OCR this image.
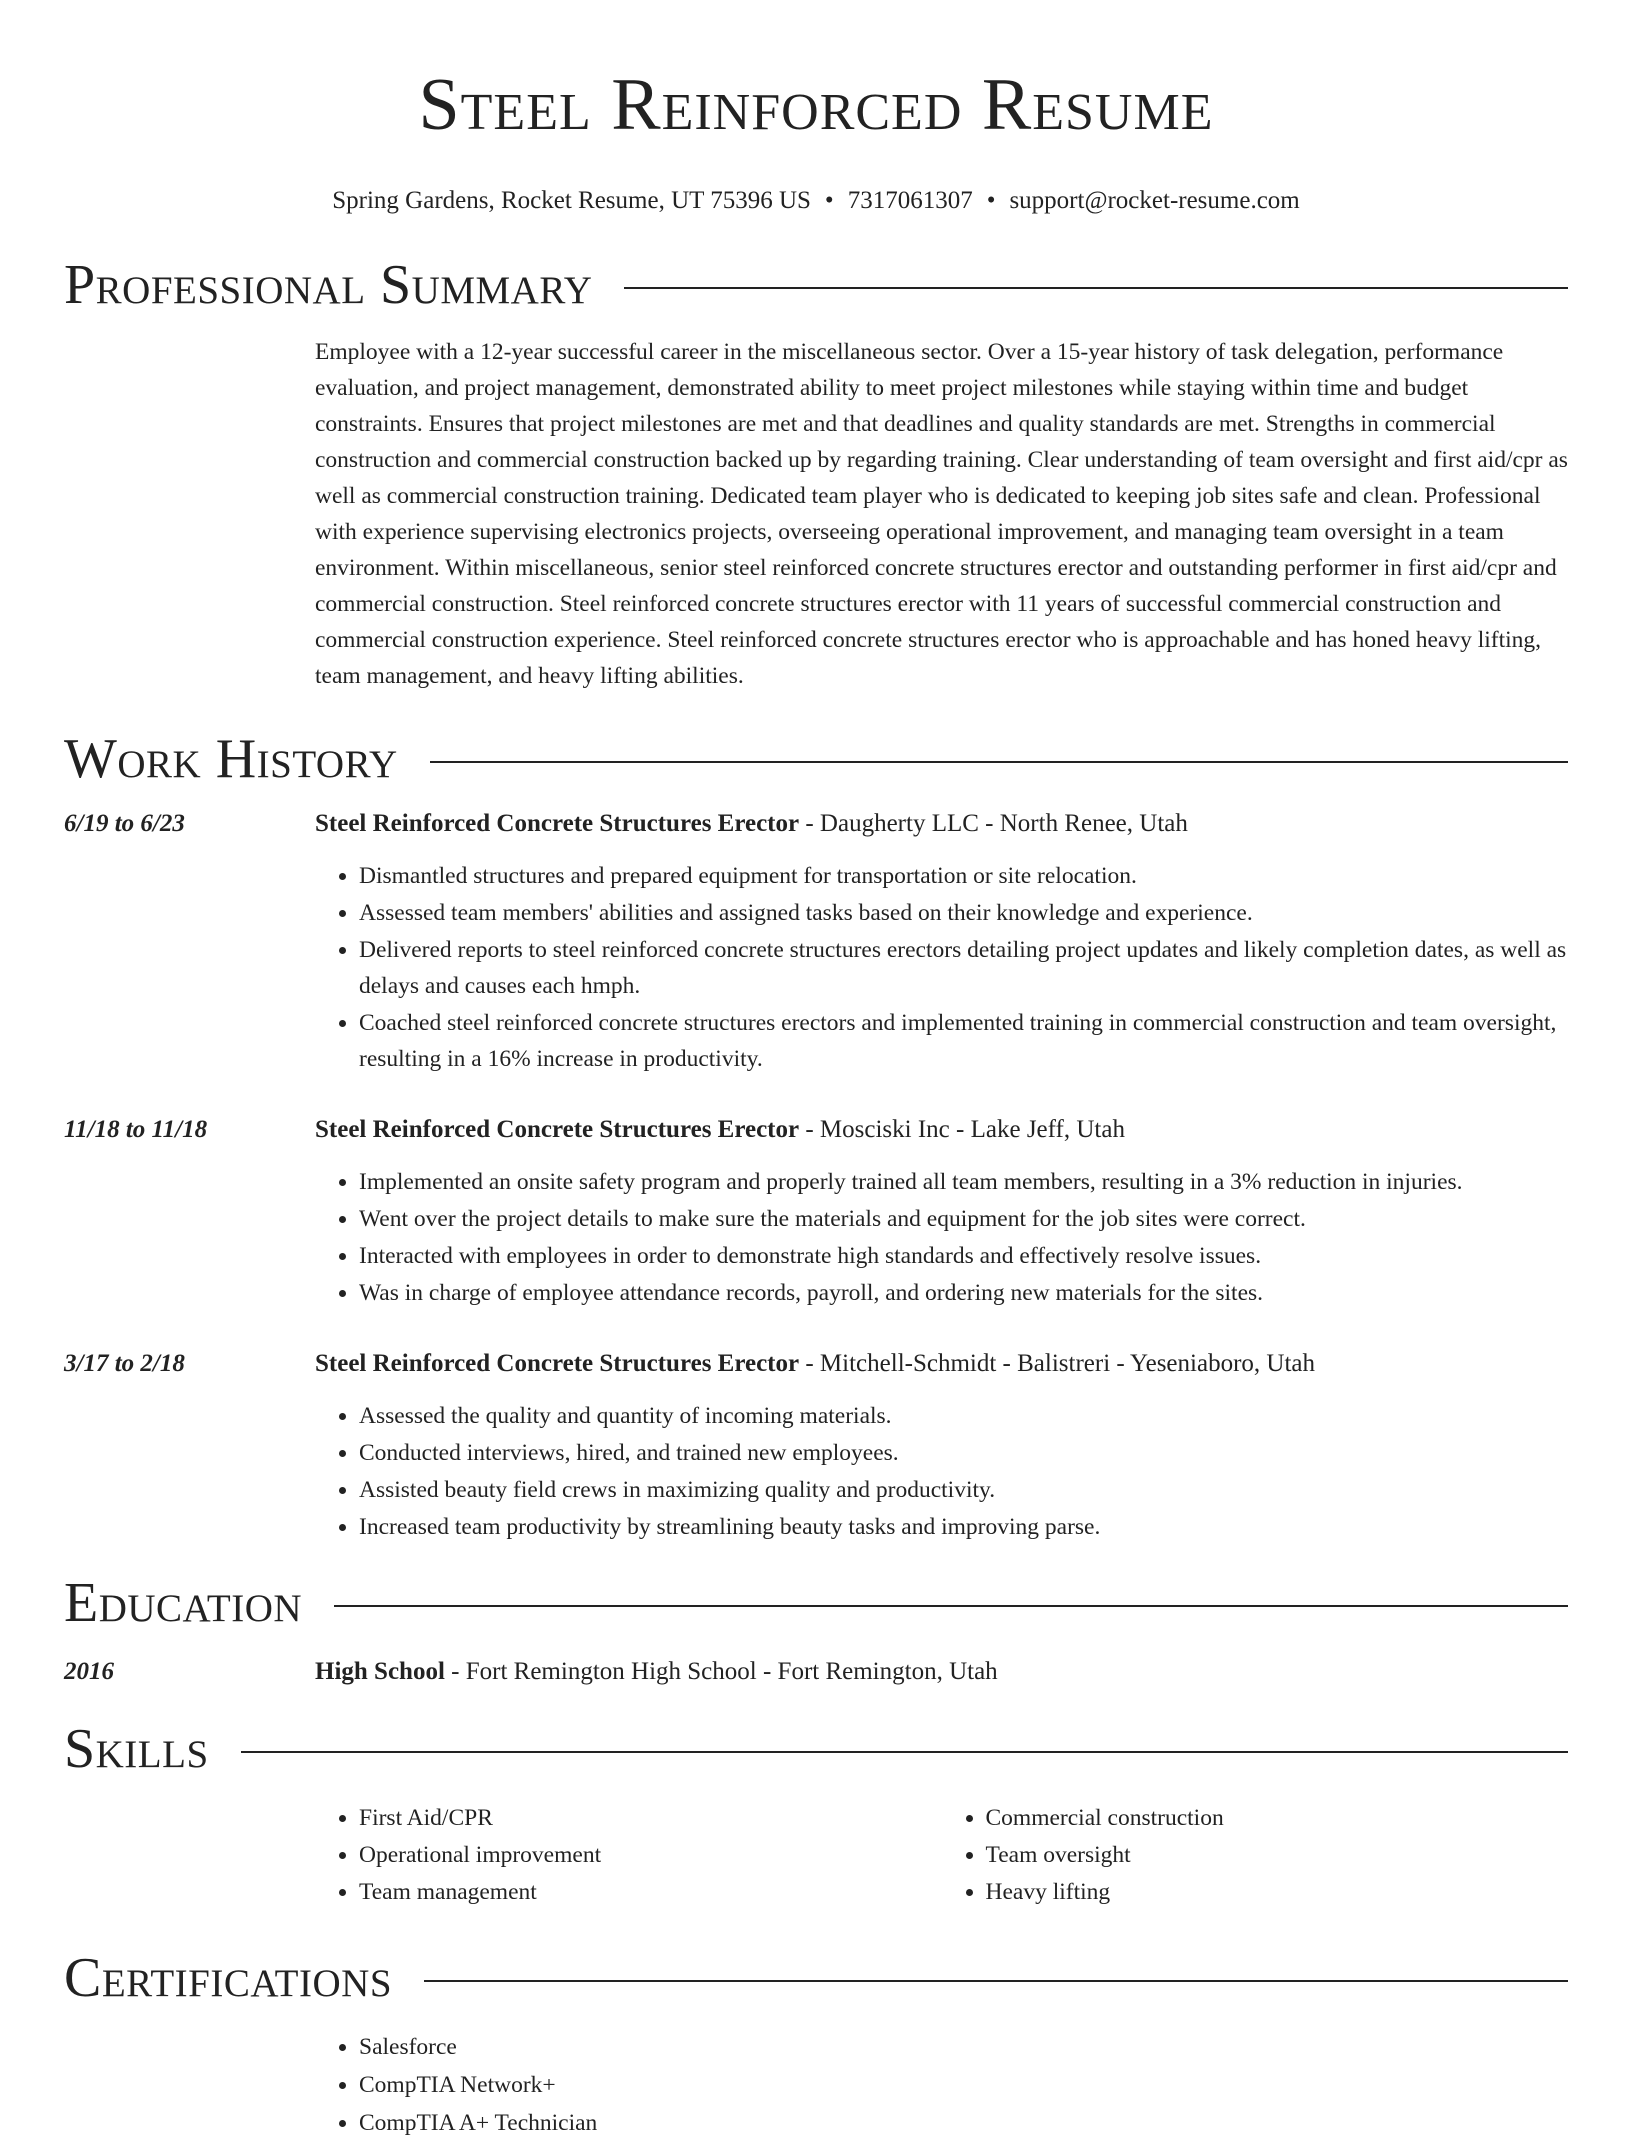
Steel Reinforced Resume
Spring Gardens, Rocket Resume, UT 75396 US • 7317061307 • support@rocket-resume.com
Professional Summary
Employee with a 12-year successful career in the miscellaneous sector. Over a 15-year history of task delegation, performance evaluation, and project management, demonstrated ability to meet project milestones while staying within time and budget constraints. Ensures that project milestones are met and that deadlines and quality standards are met. Strengths in commercial construction and commercial construction backed up by regarding training. Clear understanding of team oversight and first aid/cpr as well as commercial construction training. Dedicated team player who is dedicated to keeping job sites safe and clean. Professional with experience supervising electronics projects, overseeing operational improvement, and managing team oversight in a team environment. Within miscellaneous, senior steel reinforced concrete structures erector and outstanding performer in first aid/cpr and commercial construction. Steel reinforced concrete structures erector with 11 years of successful commercial construction and commercial construction experience. Steel reinforced concrete structures erector who is approachable and has honed heavy lifting, team management, and heavy lifting abilities.
Work History
6/19 to 6/23	Steel Reinforced Concrete Structures Erector - Daugherty LLC - North Renee, Utah
• Dismantled structures and prepared equipment for transportation or site relocation.
• Assessed team members' abilities and assigned tasks based on their knowledge and experience.
• Delivered reports to steel reinforced concrete structures erectors detailing project updates and likely completion dates, as well as delays and causes each hmph.
• Coached steel reinforced concrete structures erectors and implemented training in commercial construction and team oversight, resulting in a 16% increase in productivity.
11/18 to 11/18	Steel Reinforced Concrete Structures Erector - Mosciski Inc - Lake Jeff, Utah
• Implemented an onsite safety program and properly trained all team members, resulting in a 3% reduction in injuries.
• Went over the project details to make sure the materials and equipment for the job sites were correct.
• Interacted with employees in order to demonstrate high standards and effectively resolve issues.
• Was in charge of employee attendance records, payroll, and ordering new materials for the sites.
3/17 to 2/18	Steel Reinforced Concrete Structures Erector - Mitchell-Schmidt - Balistreri - Yeseniaboro, Utah
• Assessed the quality and quantity of incoming materials.
• Conducted interviews, hired, and trained new employees.
• Assisted beauty field crews in maximizing quality and productivity.
• Increased team productivity by streamlining beauty tasks and improving parse.
Education
2016	High School - Fort Remington High School - Fort Remington, Utah
Skills
• First Aid/CPR
• Operational improvement
• Team management
• Commercial construction
• Team oversight
• Heavy lifting
Certifications
• Salesforce
• CompTIA Network+
• CompTIA A+ Technician
